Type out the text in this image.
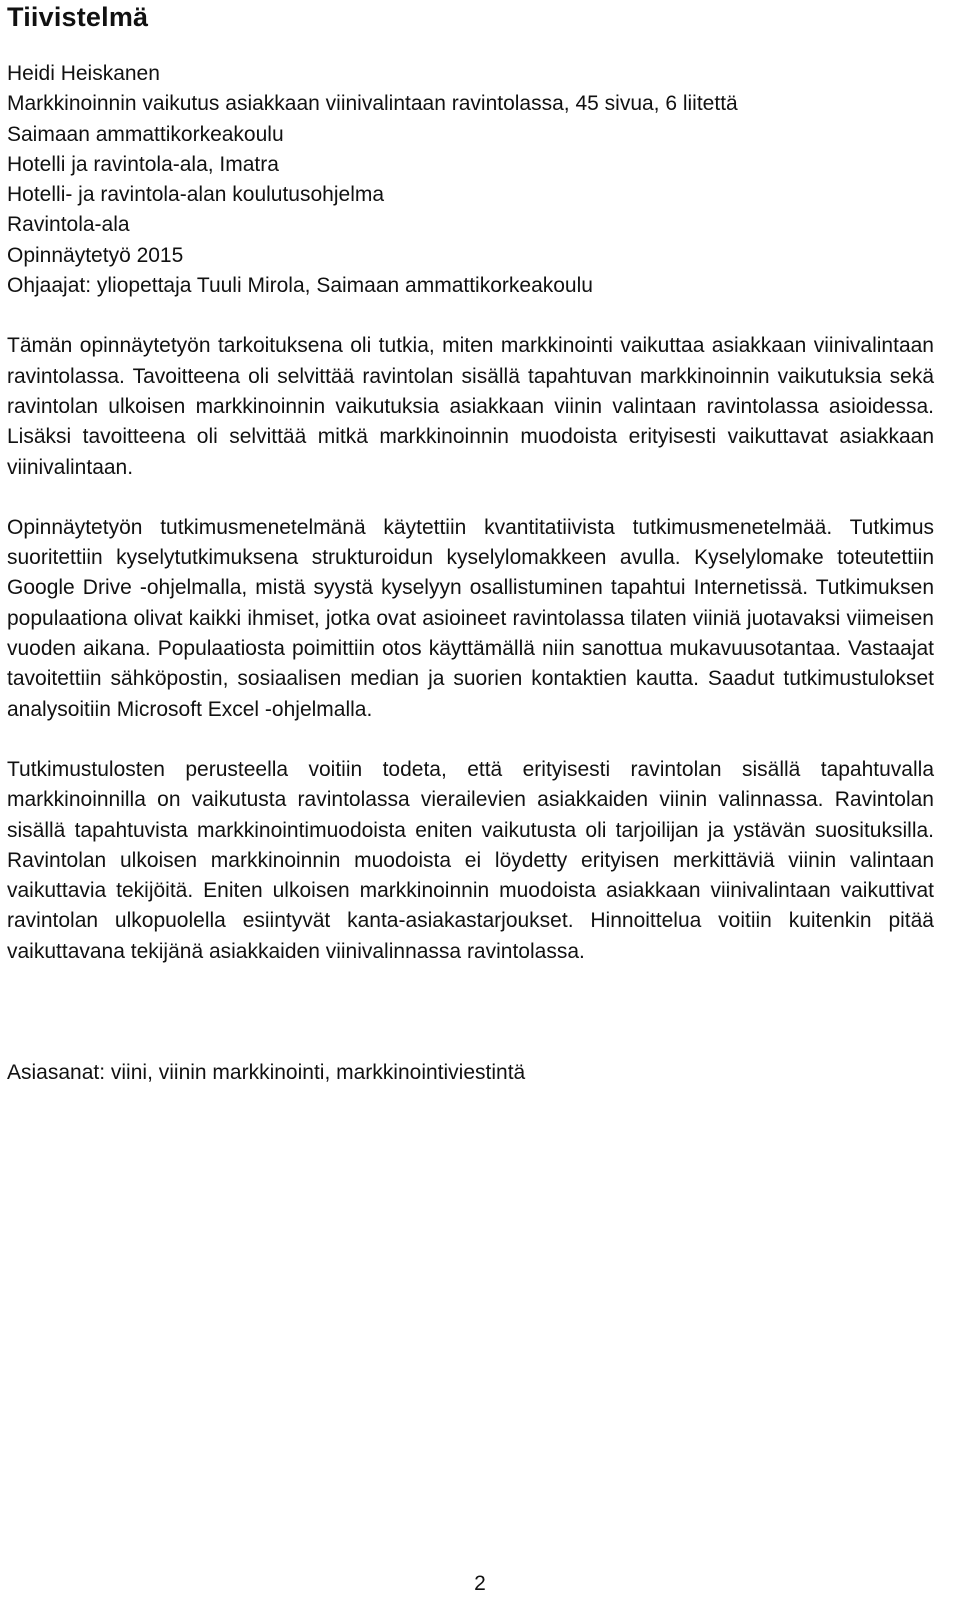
Tiivistelmä
Heidi Heiskanen
Markkinoinnin vaikutus asiakkaan viinivalintaan ravintolassa, 45 sivua, 6 liitettä
Saimaan ammattikorkeakoulu
Hotelli ja ravintola-ala, Imatra
Hotelli- ja ravintola-alan koulutusohjelma
Ravintola-ala
Opinnäytetyö 2015
Ohjaajat: yliopettaja Tuuli Mirola, Saimaan ammattikorkeakoulu

Tämän opinnäytetyön tarkoituksena oli tutkia, miten markkinointi vaikuttaa asiakkaan viinivalintaan ravintolassa. Tavoitteena oli selvittää ravintolan sisällä tapahtuvan markkinoinnin vaikutuksia sekä ravintolan ulkoisen markkinoinnin vaikutuksia asiakkaan viinin valintaan ravintolassa asioidessa. Lisäksi tavoitteena oli selvittää mitkä markkinoinnin muodoista erityisesti vaikuttavat asiakkaan viinivalintaan.

Opinnäytetyön tutkimusmenetelmänä käytettiin kvantitatiivista tutkimusmenetelmää. Tutkimus suoritettiin kyselytutkimuksena strukturoidun kyselylomakkeen avulla. Kyselylomake toteutettiin Google Drive -ohjelmalla, mistä syystä kyselyyn osallistuminen tapahtui Internetissä. Tutkimuksen populaationa olivat kaikki ihmiset, jotka ovat asioineet ravintolassa tilaten viiniä juotavaksi viimeisen vuoden aikana. Populaatiosta poimittiin otos käyttämällä niin sanottua mukavuusotantaa. Vastaajat tavoitettiin sähköpostin, sosiaalisen median ja suorien kontaktien kautta. Saadut tutkimustulokset analysoitiin Microsoft Excel -ohjelmalla.

Tutkimustulosten perusteella voitiin todeta, että erityisesti ravintolan sisällä tapahtuvalla markkinoinnilla on vaikutusta ravintolassa vierailevien asiakkaiden viinin valinnassa. Ravintolan sisällä tapahtuvista markkinointimuodoista eniten vaikutusta oli tarjoilijan ja ystävän suosituksilla. Ravintolan ulkoisen markkinoinnin muodoista ei löydetty erityisen merkittäviä viinin valintaan vaikuttavia tekijöitä. Eniten ulkoisen markkinoinnin muodoista asiakkaan viinivalintaan vaikuttivat ravintolan ulkopuolella esiintyvät kanta-asiakastarjoukset. Hinnoittelua voitiin kuitenkin pitää vaikuttavana tekijänä asiakkaiden viinivalinnassa ravintolassa.

Asiasanat: viini, viinin markkinointi, markkinointiviestintä
2
